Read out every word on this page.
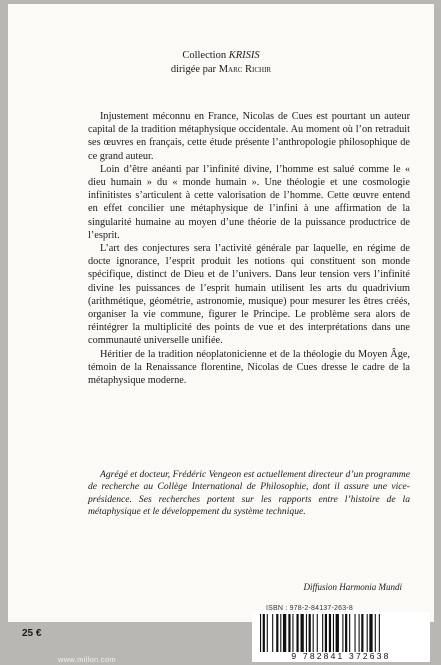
Collection KRISIS
dirigée par Marc Richir

Injustement méconnu en France, Nicolas de Cues est pourtant un auteur capital de la tradition métaphysique occidentale. Au moment où l’on retraduit ses œuvres en français, cette étude présente l’anthropologie philosophique de ce grand auteur.

Loin d’être anéanti par l’infinité divine, l’homme est salué comme le « dieu humain » du « monde humain ». Une théologie et une cosmologie infinitistes s’articulent à cette valorisation de l’homme. Cette œuvre entend en effet concilier une métaphysique de l’infini à une affirmation de la singularité humaine au moyen d’une théorie de la puissance productrice de l’esprit.

L’art des conjectures sera l’activité générale par laquelle, en régime de docte ignorance, l’esprit produit les notions qui constituent son monde spécifique, distinct de Dieu et de l’univers. Dans leur tension vers l’infinité divine les puissances de l’esprit humain utilisent les arts du quadrivium (arithmétique, géométrie, astronomie, musique) pour mesurer les êtres créés, organiser la vie commune, figurer le Principe. Le problème sera alors de réintégrer la multiplicité des points de vue et des interprétations dans une communauté universelle unifiée.

Héritier de la tradition néoplatonicienne et de la théologie du Moyen Âge, témoin de la Renaissance florentine, Nicolas de Cues dresse le cadre de la métaphysique moderne.

Agrégé et docteur, Frédéric Vengeon est actuellement directeur d’un programme de recherche au Collège International de Philosophie, dont il assure une vice-présidence. Ses recherches portent sur les rapports entre l’histoire de la métaphysique et le développement du système technique.

Diffusion Harmonia Mundi
ISBN : 978-2-84137-263-8
9 782841 372638
25 €
www.millon.com
